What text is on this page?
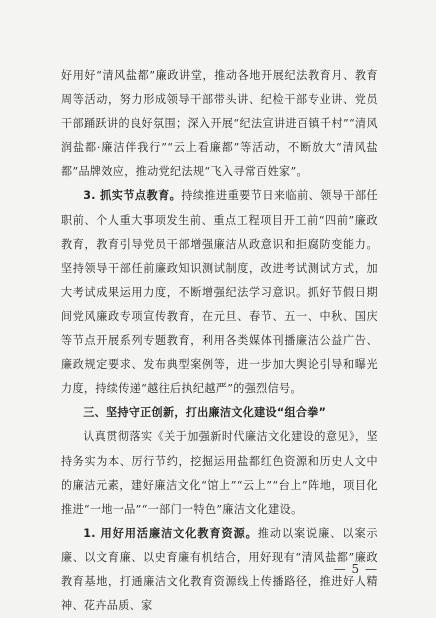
好用好“清风盐都”廉政讲堂，推动各地开展纪法教育月、教育周等活动，努力形成领导干部带头讲、纪检干部专业讲、党员干部踊跃讲的良好氛围；深入开展“纪法宣讲进百镇千村”“清风润盐都·廉洁伴我行”“云上看廉都”等活动，不断放大“清风盐都”品牌效应，推动党纪法规“飞入寻常百姓家”。

3. 抓实节点教育。持续推进重要节日来临前、领导干部任职前、个人重大事项发生前、重点工程项目开工前“四前”廉政教育，教育引导党员干部增强廉洁从政意识和拒腐防变能力。坚持领导干部任前廉政知识测试制度，改进考试测试方式，加大考试成果运用力度，不断增强纪法学习意识。抓好节假日期间党风廉政专项宣传教育，在元旦、春节、五一、中秋、国庆等节点开展系列专题教育，利用各类媒体刊播廉洁公益广告、廉政规定要求、发布典型案例等，进一步加大舆论引导和曝光力度，持续传递“越往后执纪越严”的强烈信号。

三、坚持守正创新，打出廉洁文化建设“组合拳”

认真贯彻落实《关于加强新时代廉洁文化建设的意见》，坚持务实为本、厉行节约，挖掘运用盐都红色资源和历史人文中的廉洁元素，建好廉洁文化“馆上”“云上”“台上”阵地，项目化推进“一地一品”“一部门一特色”廉洁文化建设。

1. 用好用活廉洁文化教育资源。推动以案说廉、以案示廉、以文育廉、以史育廉有机结合，用好现有“清风盐都”廉政教育基地，打通廉洁文化教育资源线上传播路径，推进好人精神、花卉品质、家

— 5 —
